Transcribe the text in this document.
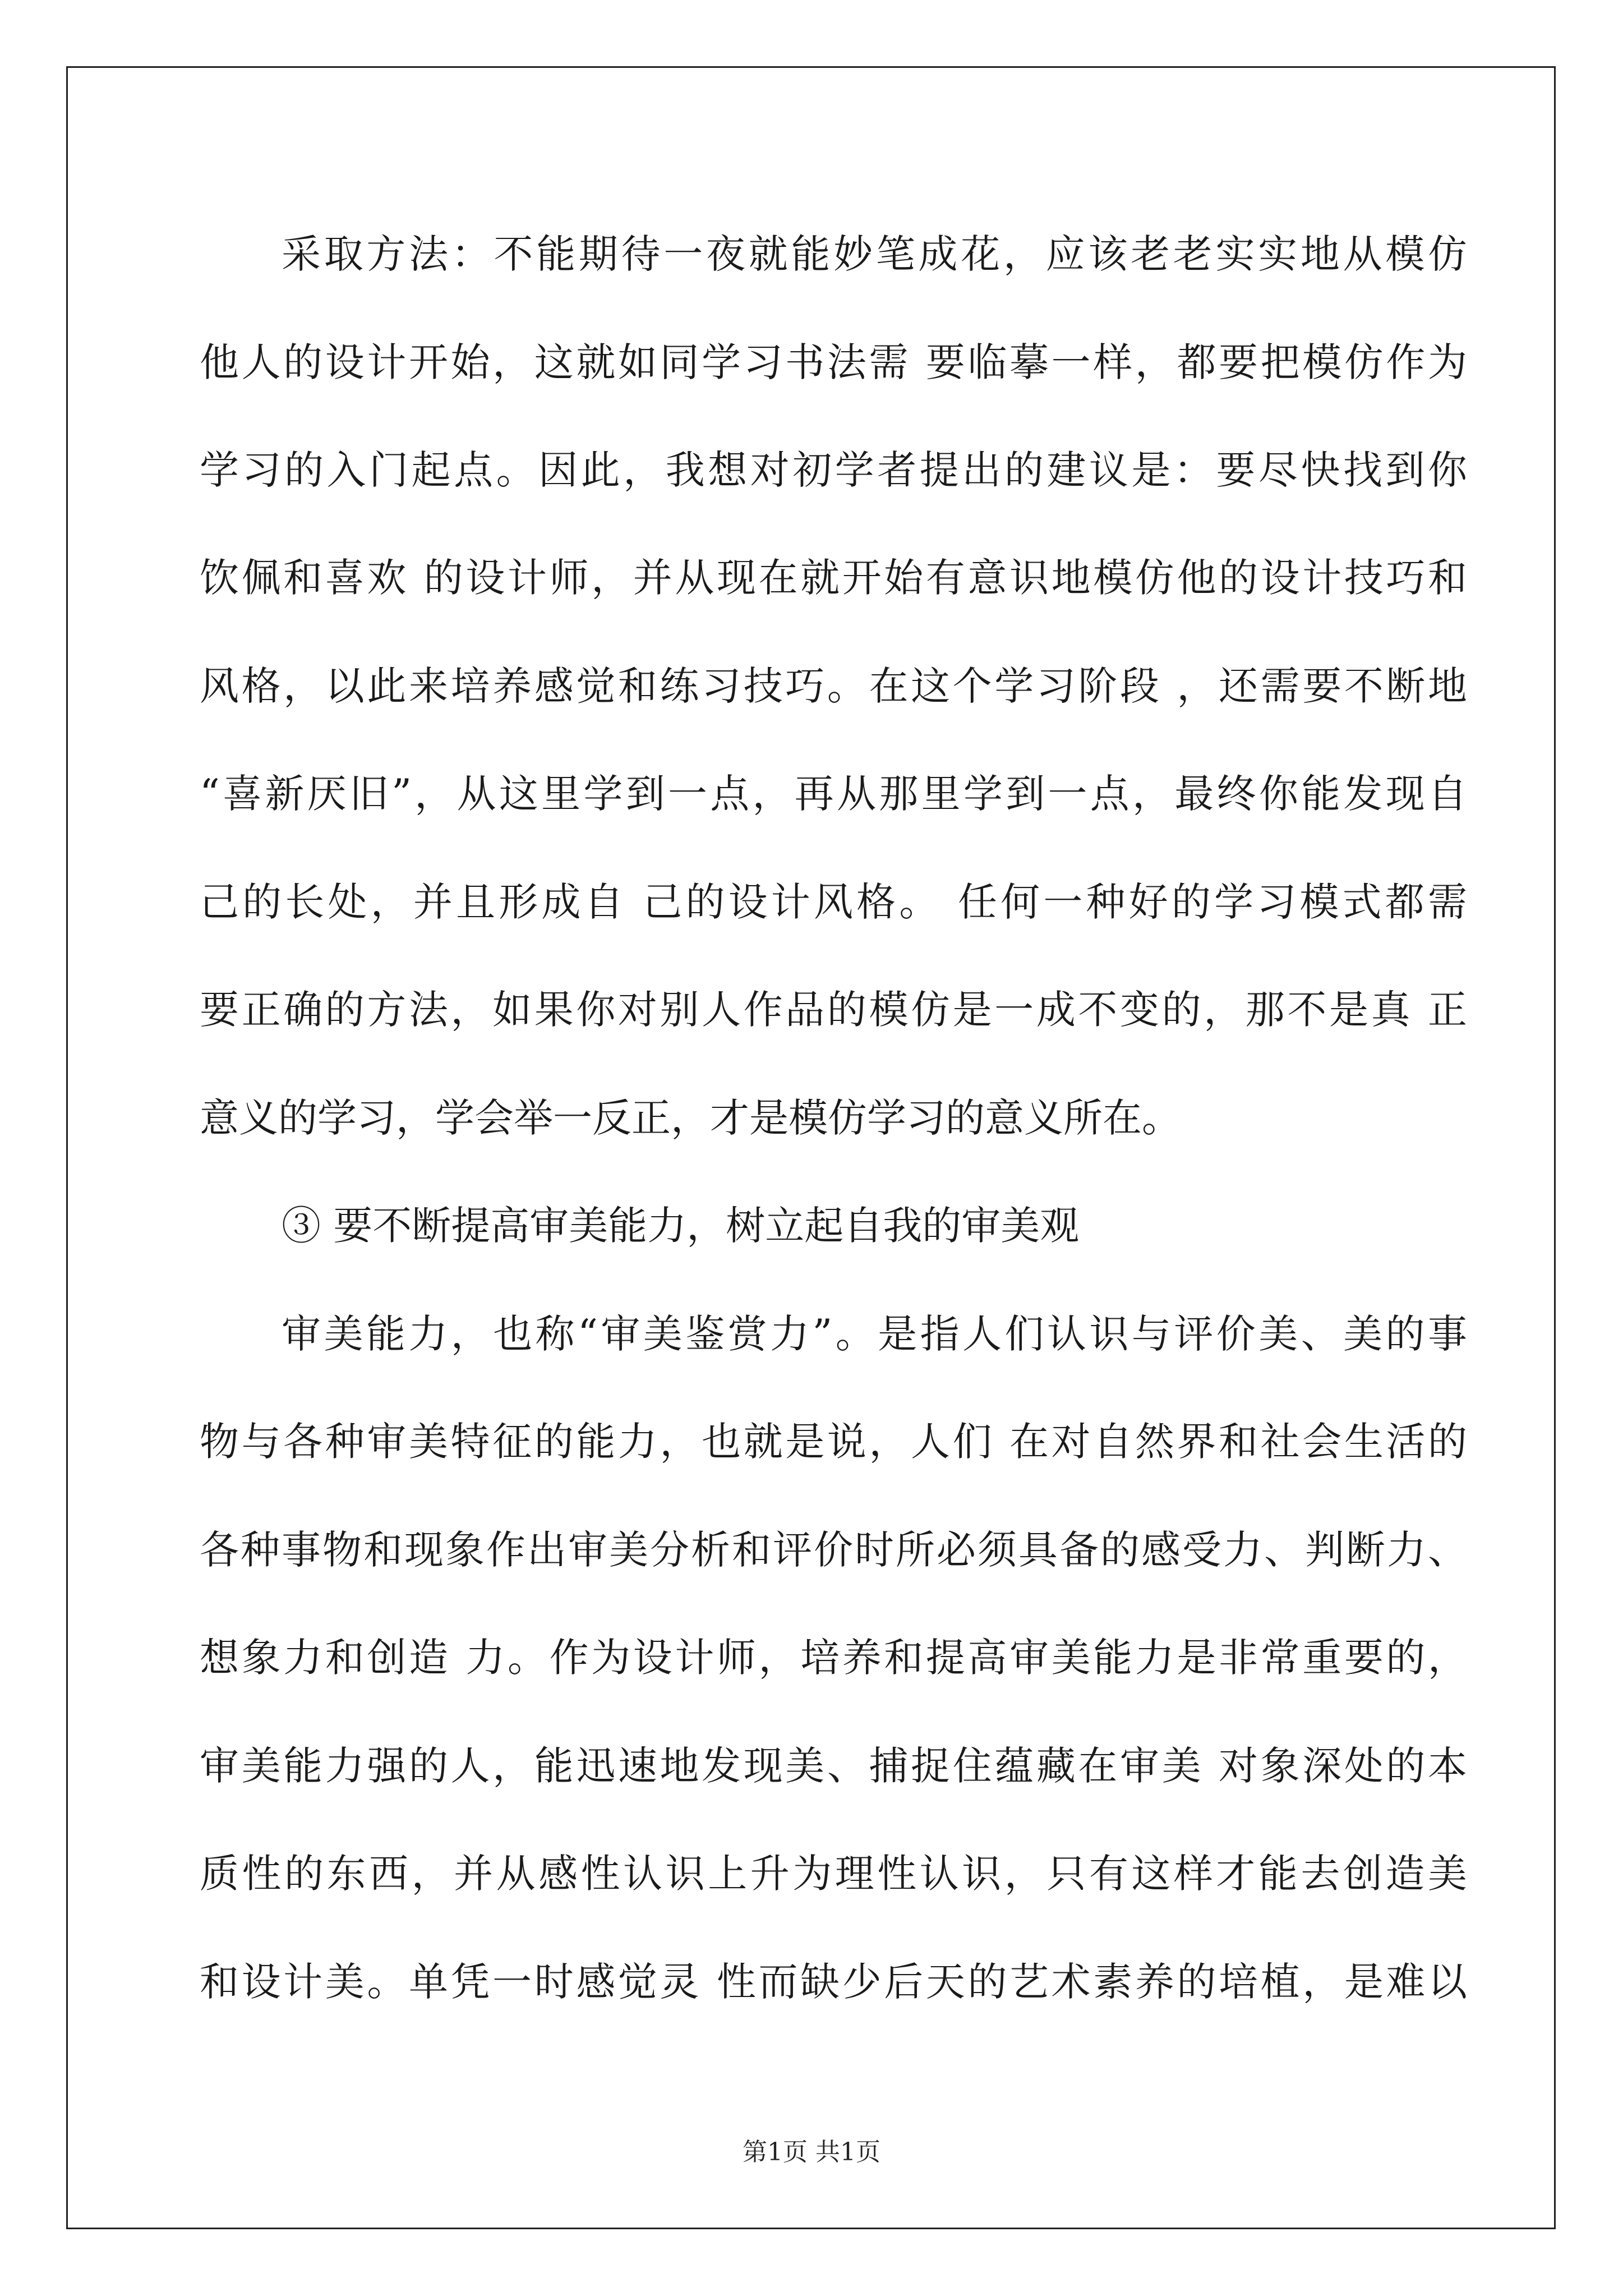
采取方法：不能期待一夜就能妙笔成花，应该老老实实地从模仿
他人的设计开始，这就如同学习书法需 要临摹一样，都要把模仿作为
学习的入门起点。因此，我想对初学者提出的建议是：要尽快找到你
饮佩和喜欢 的设计师，并从现在就开始有意识地模仿他的设计技巧和
风格，以此来培养感觉和练习技巧。在这个学习阶段 ，还需要不断地
“喜新厌旧”，从这里学到一点，再从那里学到一点，最终你能发现自
己的长处，并且形成自 己的设计风格。 任何一种好的学习模式都需
要正确的方法，如果你对别人作品的模仿是一成不变的，那不是真 正
意义的学习，学会举一反正，才是模仿学习的意义所在。
③ 要不断提高审美能力，树立起自我的审美观
审美能力，也称“审美鉴赏力”。是指人们认识与评价美、美的事
物与各种审美特征的能力，也就是说，人们 在对自然界和社会生活的
各种事物和现象作出审美分析和评价时所必须具备的感受力、判断力、
想象力和创造 力。作为设计师，培养和提高审美能力是非常重要的，
审美能力强的人，能迅速地发现美、捕捉住蕴藏在审美 对象深处的本
质性的东西，并从感性认识上升为理性认识，只有这样才能去创造美
和设计美。单凭一时感觉灵 性而缺少后天的艺术素养的培植，是难以
第1页 共1页
